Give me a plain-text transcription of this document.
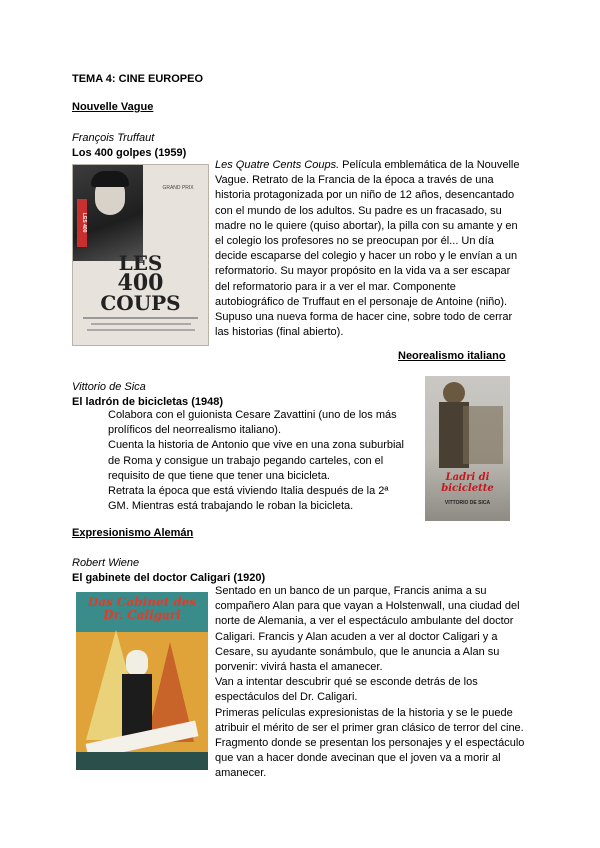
TEMA 4: CINE EUROPEO
Nouvelle Vague
François Truffaut
Los 400 golpes (1959)
GRAND PRIX
LES 400
LES
400
COUPS

Les Quatre Cents Coups. Película emblemática de la Nouvelle Vague. Retrato de la Francia de la época a través de una historia protagonizada por un niño de 12 años, desencantado con el mundo de los adultos. Su padre es un fracasado, su madre no le quiere (quiso abortar), la pilla con su amante y en el colegio los profesores no se preocupan por él... Un día decide escaparse del colegio y hacer un robo y le envían a un reformatorio. Su mayor propósito en la vida va a ser escapar del reformatorio para ir a ver el mar. Componente autobiográfico de Truffaut en el personaje de Antoine (niño). Supuso una nueva forma de hacer cine, sobre todo de cerrar las historias (final abierto).

Neorealismo italiano
Vittorio de Sica
El ladrón de bicicletas (1948)

Colabora con el guionista Cesare Zavattini (uno de los más prolíficos del neorrealismo italiano).

Cuenta la historia de Antonio que vive en una zona suburbial de Roma y consigue un trabajo pegando carteles, con el requisito de que tiene que tener una bicicleta.

Retrata la época que está viviendo Italia después de la 2ª GM. Mientras está trabajando le roban la bicicleta.

Ladri di biciclette
VITTORIO DE SICA
Expresionismo Alemán
Robert Wiene
El gabinete del doctor Caligari (1920)
Das Cabinet des Dr. Caligari

Sentado en un banco de un parque, Francis anima a su compañero Alan para que vayan a Holstenwall, una ciudad del norte de Alemania, a ver el espectáculo ambulante del doctor Caligari. Francis y Alan acuden a ver al doctor Caligari y a Cesare, su ayudante sonámbulo, que le anuncia a Alan su porvenir: vivirá hasta el amanecer.

Van a intentar descubrir qué se esconde detrás de los espectáculos del Dr. Caligari.

Primeras películas expresionistas de la historia y se le puede atribuir el mérito de ser el primer gran clásico de terror del cine. Fragmento donde se presentan los personajes y el espectáculo que van a hacer donde avecinan que el joven va a morir al amanecer.
